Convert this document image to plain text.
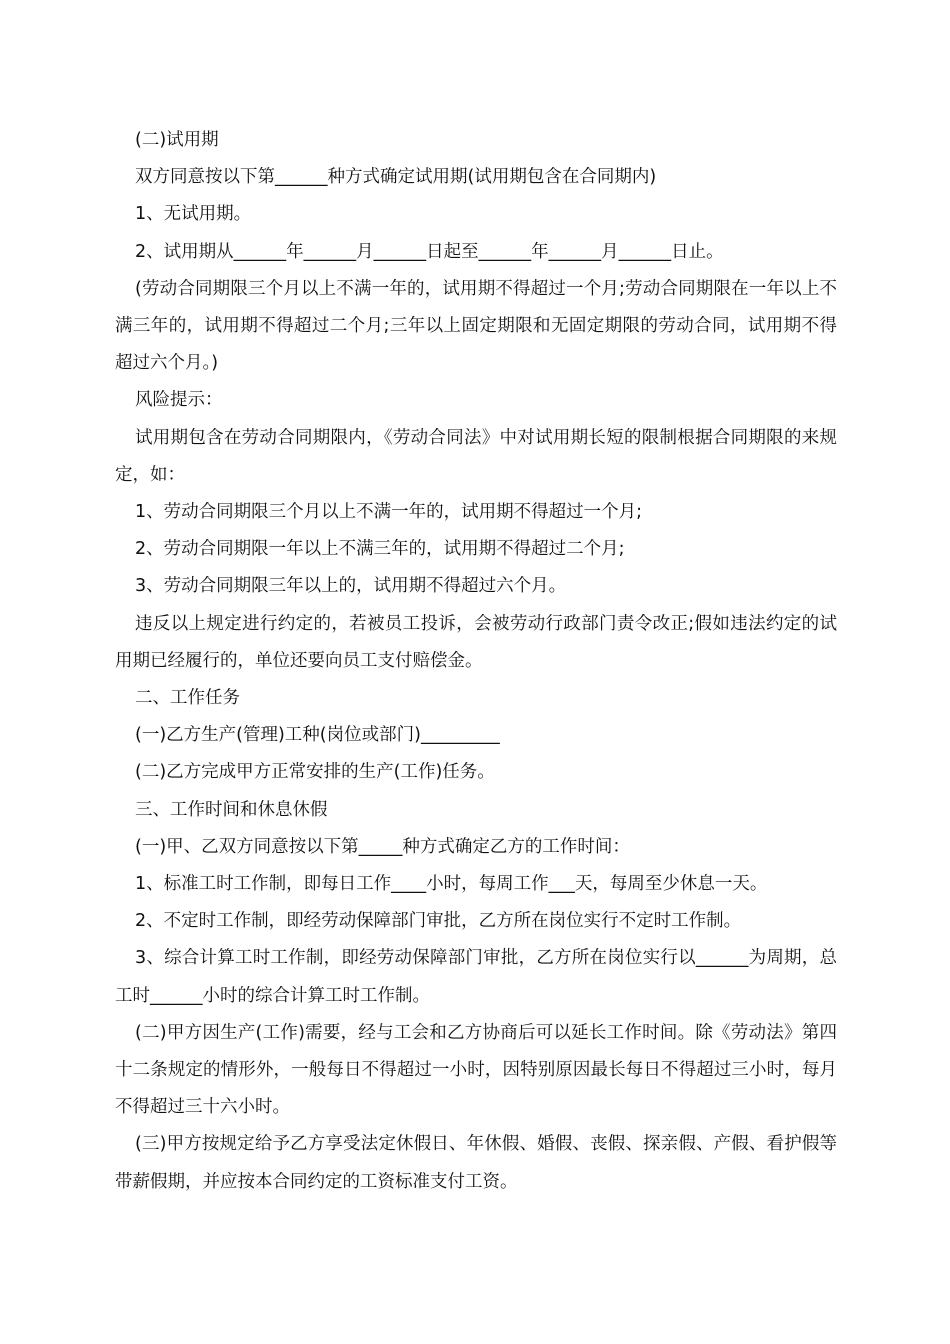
(二)试用期

双方同意按以下第______种方式确定试用期(试用期包含在合同期内)

1、无试用期。

2、试用期从______年______月______日起至______年______月______日止。

(劳动合同期限三个月以上不满一年的，试用期不得超过一个月;劳动合同期限在一年以上不满三年的，试用期不得超过二个月;三年以上固定期限和无固定期限的劳动合同，试用期不得超过六个月。)

风险提示：

试用期包含在劳动合同期限内，《劳动合同法》中对试用期长短的限制根据合同期限的来规定，如：

1、劳动合同期限三个月以上不满一年的，试用期不得超过一个月;

2、劳动合同期限一年以上不满三年的，试用期不得超过二个月;

3、劳动合同期限三年以上的，试用期不得超过六个月。

违反以上规定进行约定的，若被员工投诉，会被劳动行政部门责令改正;假如违法约定的试用期已经履行的，单位还要向员工支付赔偿金。

二、工作任务

(一)乙方生产(管理)工种(岗位或部门)_________

(二)乙方完成甲方正常安排的生产(工作)任务。

三、工作时间和休息休假

(一)甲、乙双方同意按以下第_____种方式确定乙方的工作时间：

1、标准工时工作制，即每日工作____小时，每周工作___天，每周至少休息一天。

2、不定时工作制，即经劳动保障部门审批，乙方所在岗位实行不定时工作制。

3、综合计算工时工作制，即经劳动保障部门审批，乙方所在岗位实行以______为周期，总工时______小时的综合计算工时工作制。

(二)甲方因生产(工作)需要，经与工会和乙方协商后可以延长工作时间。除《劳动法》第四十二条规定的情形外，一般每日不得超过一小时，因特别原因最长每日不得超过三小时，每月不得超过三十六小时。

(三)甲方按规定给予乙方享受法定休假日、年休假、婚假、丧假、探亲假、产假、看护假等带薪假期，并应按本合同约定的工资标准支付工资。
